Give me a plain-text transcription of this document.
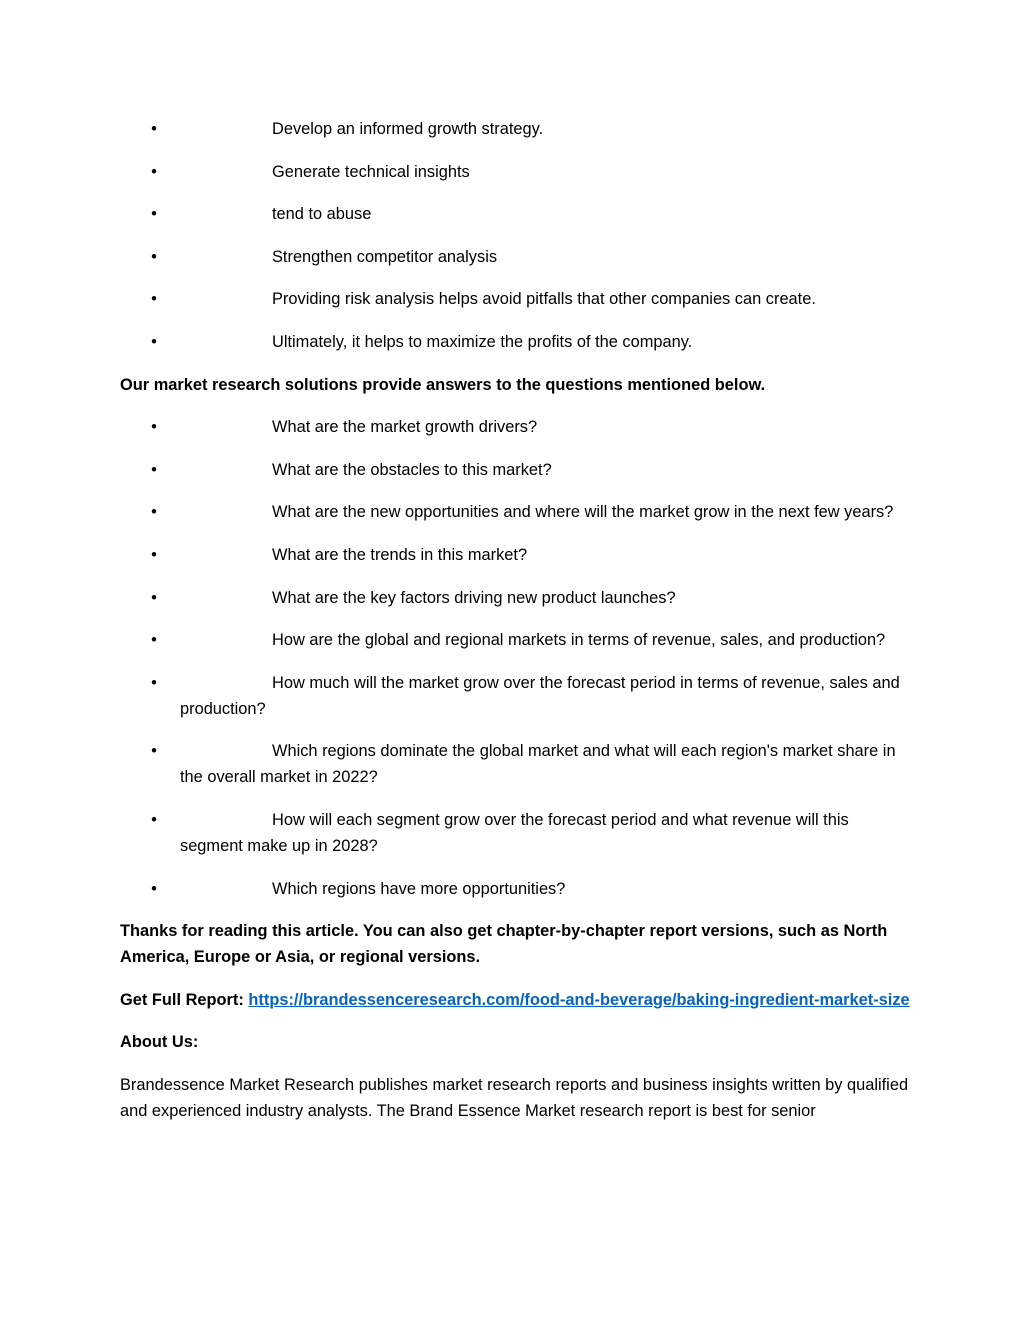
•	Develop an informed growth strategy.
•	Generate technical insights
•	tend to abuse
•	Strengthen competitor analysis
•	Providing risk analysis helps avoid pitfalls that other companies can create.
•	Ultimately, it helps to maximize the profits of the company.

Our market research solutions provide answers to the questions mentioned below.

•	What are the market growth drivers?
•	What are the obstacles to this market?
•	What are the new opportunities and where will the market grow in the next few years?
•	What are the trends in this market?
•	What are the key factors driving new product launches?
•	How are the global and regional markets in terms of revenue, sales, and production?
•	How much will the market grow over the forecast period in terms of revenue, sales and production?
•	Which regions dominate the global market and what will each region's market share in the overall market in 2022?
•	How will each segment grow over the forecast period and what revenue will this segment make up in 2028?
•	Which regions have more opportunities?

Thanks for reading this article. You can also get chapter-by-chapter report versions, such as North America, Europe or Asia, or regional versions.

Get Full Report: https://brandessenceresearch.com/food-and-beverage/baking-ingredient-market-size

About Us:

Brandessence Market Research publishes market research reports and business insights written by qualified and experienced industry analysts. The Brand Essence Market research report is best for senior
